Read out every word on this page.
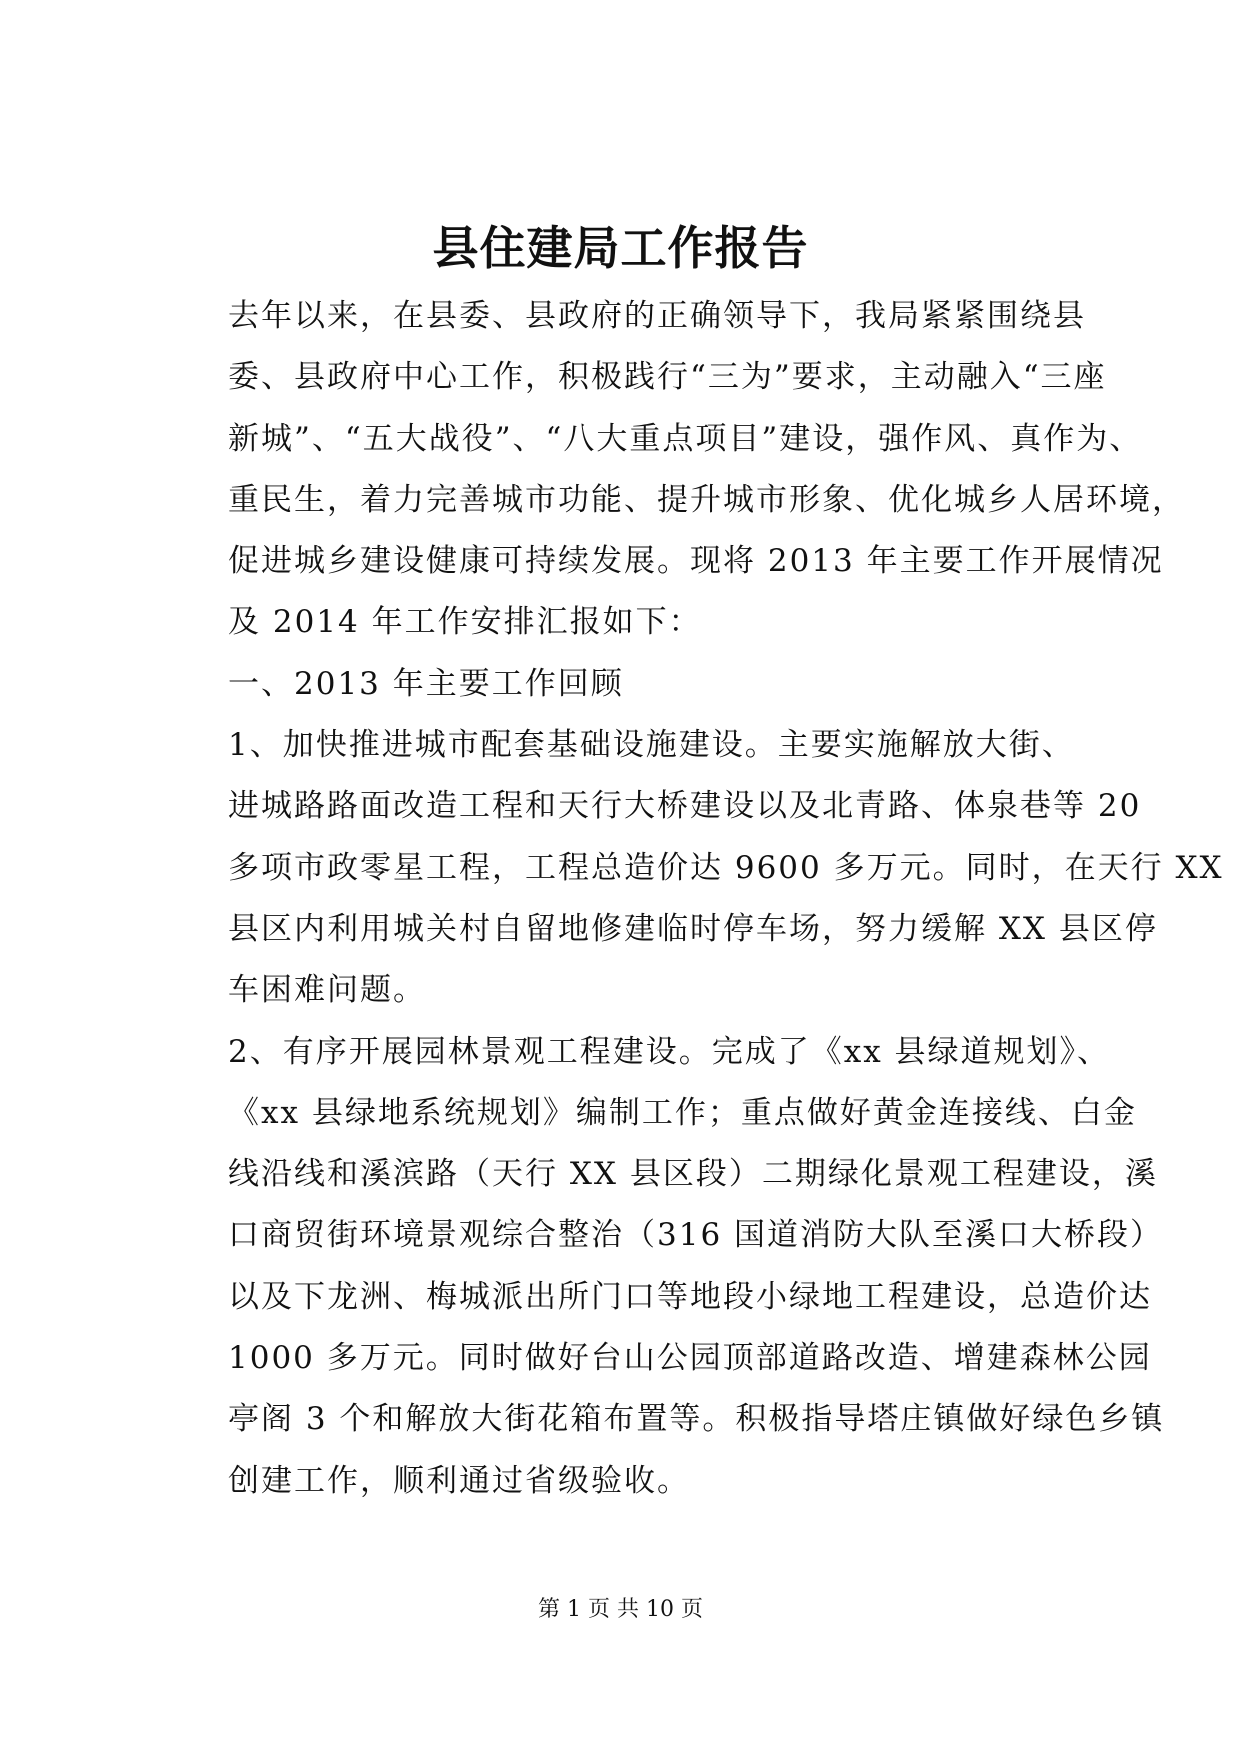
县住建局工作报告

去年以来，在县委、县政府的正确领导下，我局紧紧围绕县
委、县政府中心工作，积极践行“三为”要求，主动融入“三座
新城”、“五大战役”、“八大重点项目”建设，强作风、真作为、
重民生，着力完善城市功能、提升城市形象、优化城乡人居环境，
促进城乡建设健康可持续发展。现将 2013 年主要工作开展情况
及 2014 年工作安排汇报如下：

一、2013 年主要工作回顾

1、加快推进城市配套基础设施建设。主要实施解放大街、
进城路路面改造工程和天行大桥建设以及北青路、体泉巷等 20
多项市政零星工程，工程总造价达 9600 多万元。同时，在天行 XX
县区内利用城关村自留地修建临时停车场，努力缓解 XX 县区停
车困难问题。

2、有序开展园林景观工程建设。完成了《xx 县绿道规划》、
《xx 县绿地系统规划》编制工作；重点做好黄金连接线、白金
线沿线和溪滨路（天行 XX 县区段）二期绿化景观工程建设，溪
口商贸街环境景观综合整治（316 国道消防大队至溪口大桥段）
以及下龙洲、梅城派出所门口等地段小绿地工程建设，总造价达
1000 多万元。同时做好台山公园顶部道路改造、增建森林公园
亭阁 3 个和解放大街花箱布置等。积极指导塔庄镇做好绿色乡镇
创建工作，顺利通过省级验收。

第 1 页 共 10 页
